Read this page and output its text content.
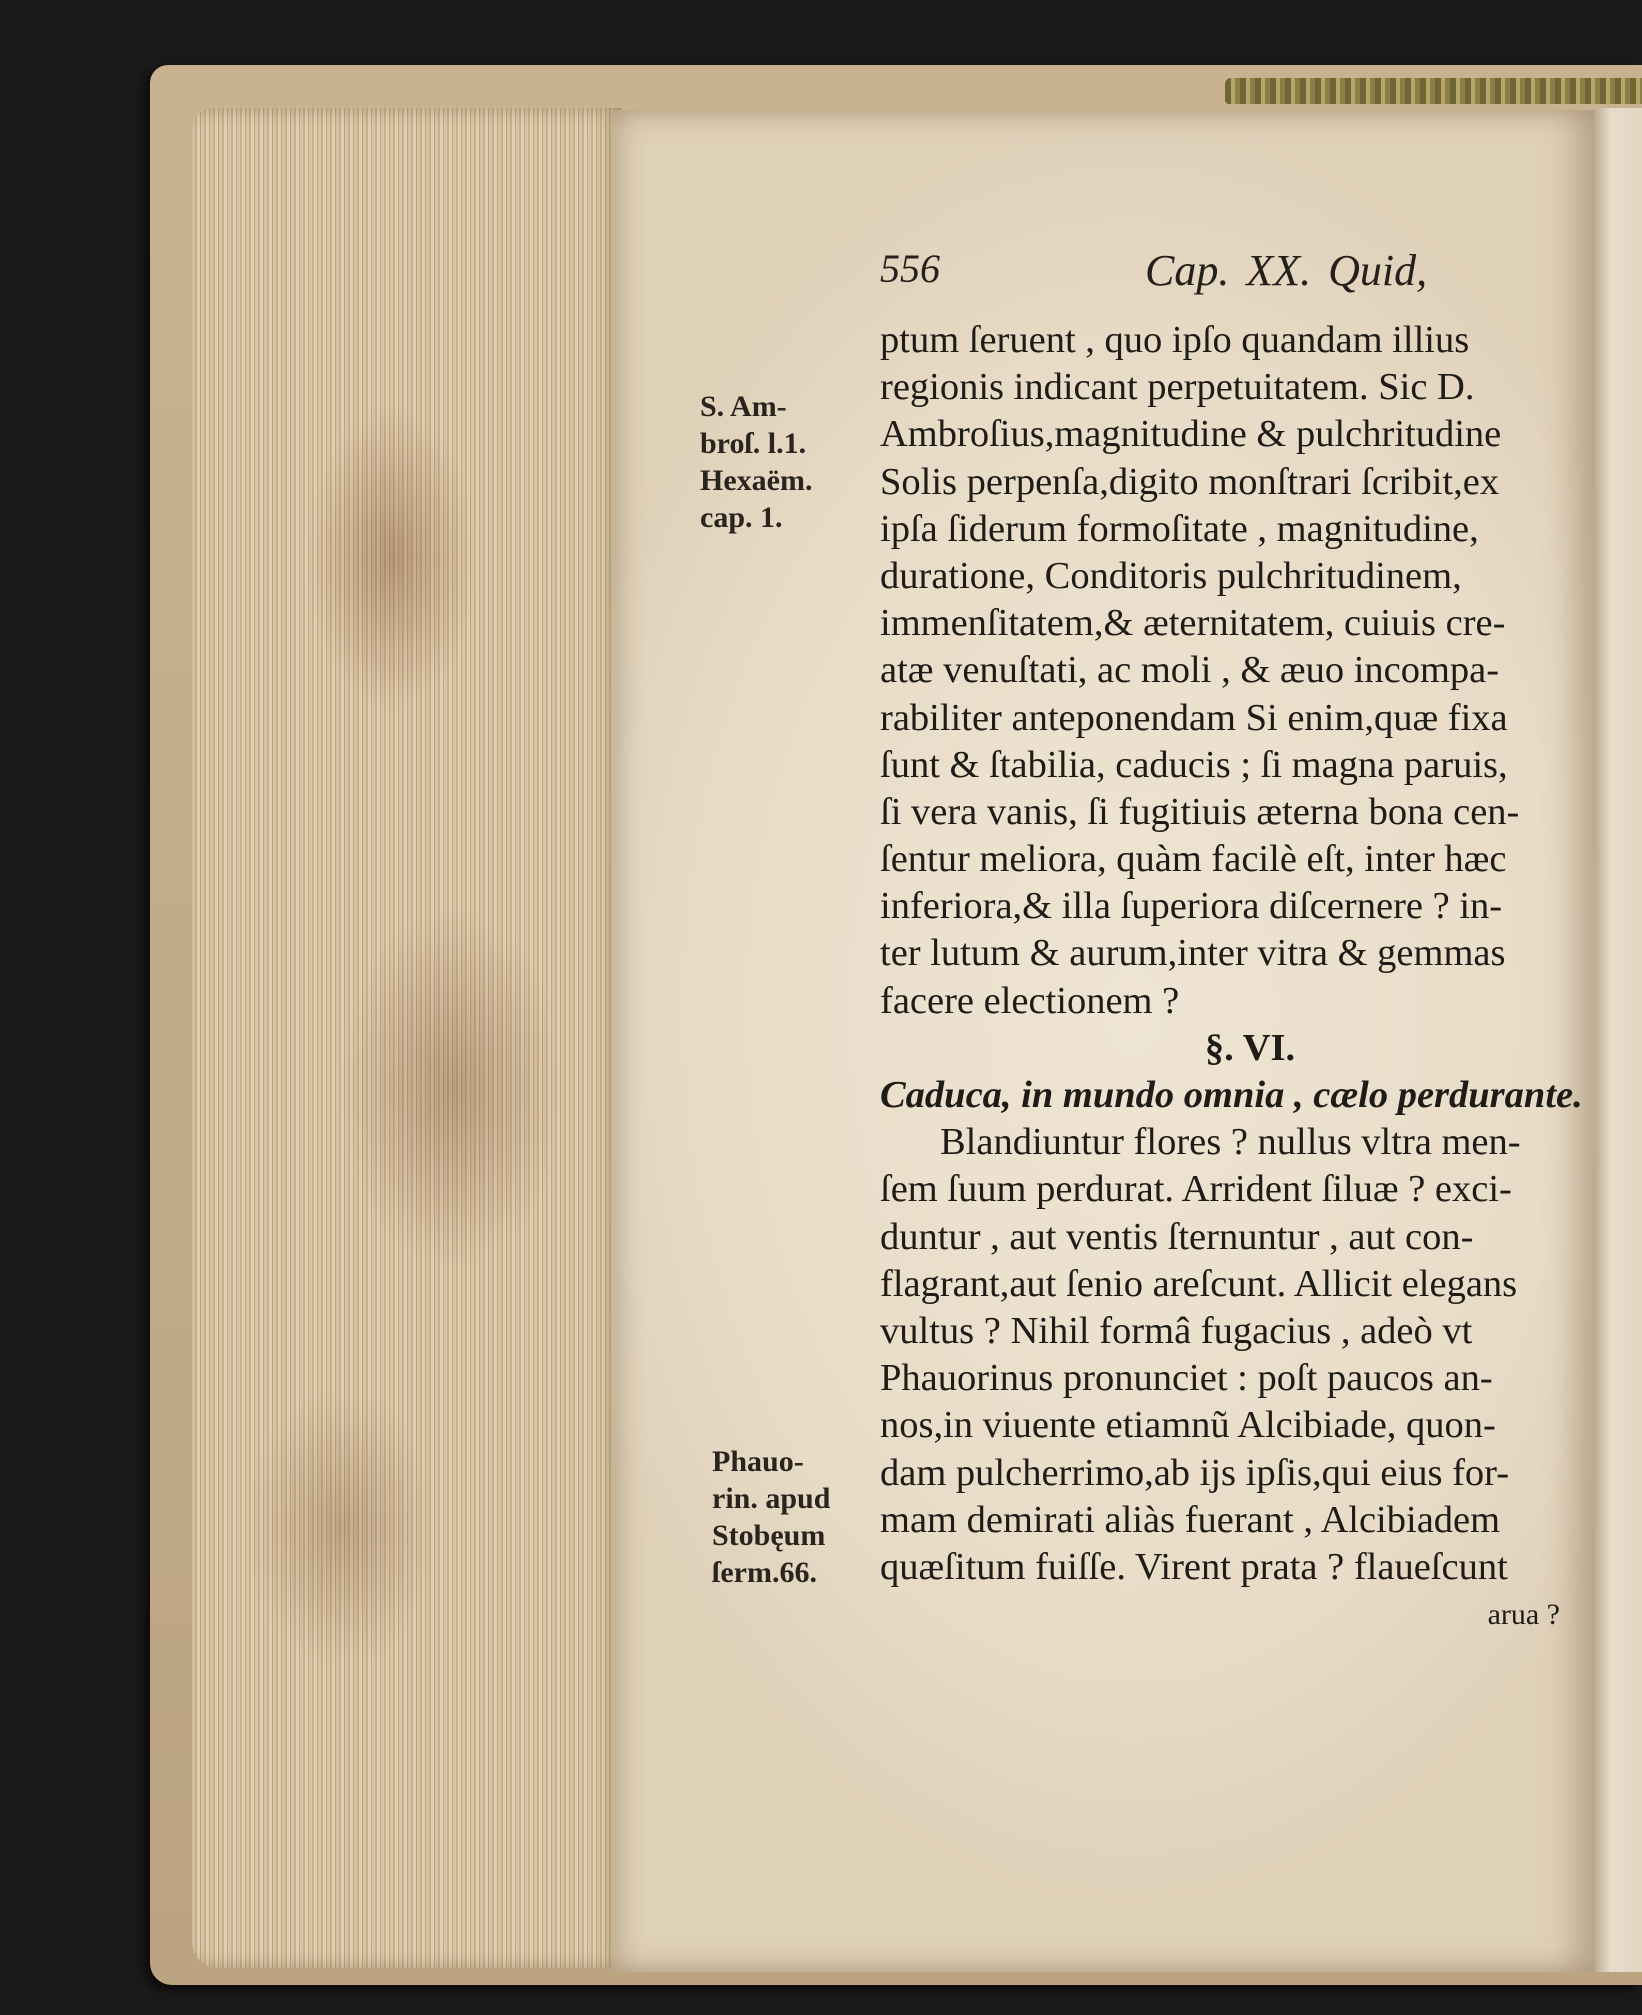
556	Cap. XX. Quid,
S. Am-
broſ. l.1.
Hexaëm.
cap. 1.
Phauo-
rin. apud
Stobęum
ſerm.66.
ptum ſeruent , quo ipſo quandam illius
regionis indicant perpetuitatem. Sic D.
Ambroſius,magnitudine & pulchritudine
Solis perpenſa,digito monſtrari ſcribit,ex
ipſa ſiderum formoſitate , magnitudine,
duratione, Conditoris pulchritudinem,
immenſitatem,& æternitatem, cuiuis cre-
atæ venuſtati, ac moli , & æuo incompa-
rabiliter anteponendam Si enim,quæ fixa
ſunt & ſtabilia, caducis ; ſi magna paruis,
ſi vera vanis, ſi fugitiuis æterna bona cen-
ſentur meliora, quàm facilè eſt, inter hæc
inferiora,& illa ſuperiora diſcernere ? in-
ter lutum & aurum,inter vitra & gemmas
facere electionem ?
§. VI.
Caduca, in mundo omnia , cælo perdurante.
Blandiuntur flores ? nullus vltra men-
ſem ſuum perdurat. Arrident ſiluæ ? exci-
duntur , aut ventis ſternuntur , aut con-
flagrant,aut ſenio areſcunt. Allicit elegans
vultus ? Nihil formâ fugacius , adeò vt
Phauorinus pronunciet : poſt paucos an-
nos,in viuente etiamnũ Alcibiade, quon-
dam pulcherrimo,ab ijs ipſis,qui eius for-
mam demirati aliàs fuerant , Alcibiadem
quæſitum fuiſſe. Virent prata ? flaueſcunt
arua ?
